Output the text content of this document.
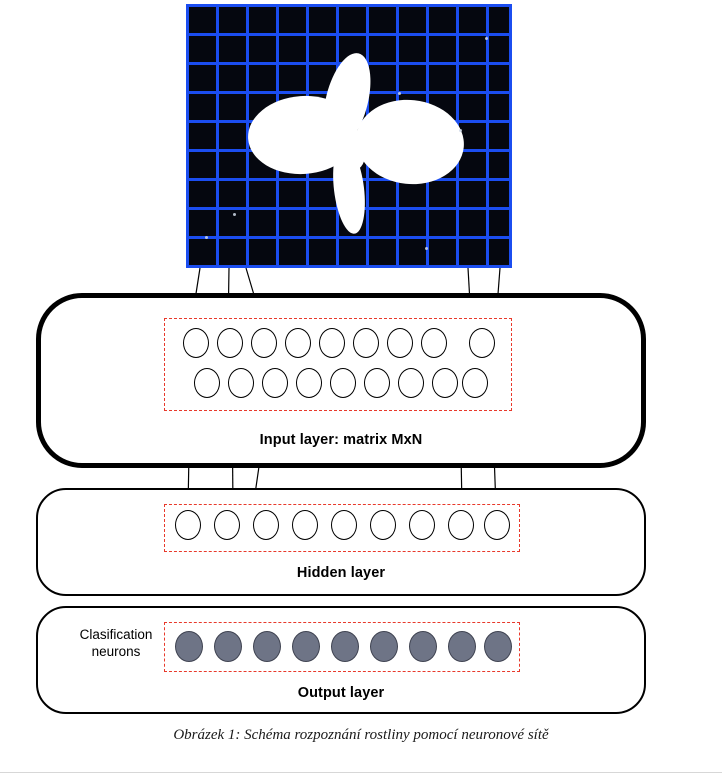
Input layer: matrix MxN
Hidden layer
Clasification neurons
Output layer
Obrázek 1: Schéma rozpoznání rostliny pomocí neuronové sítě
